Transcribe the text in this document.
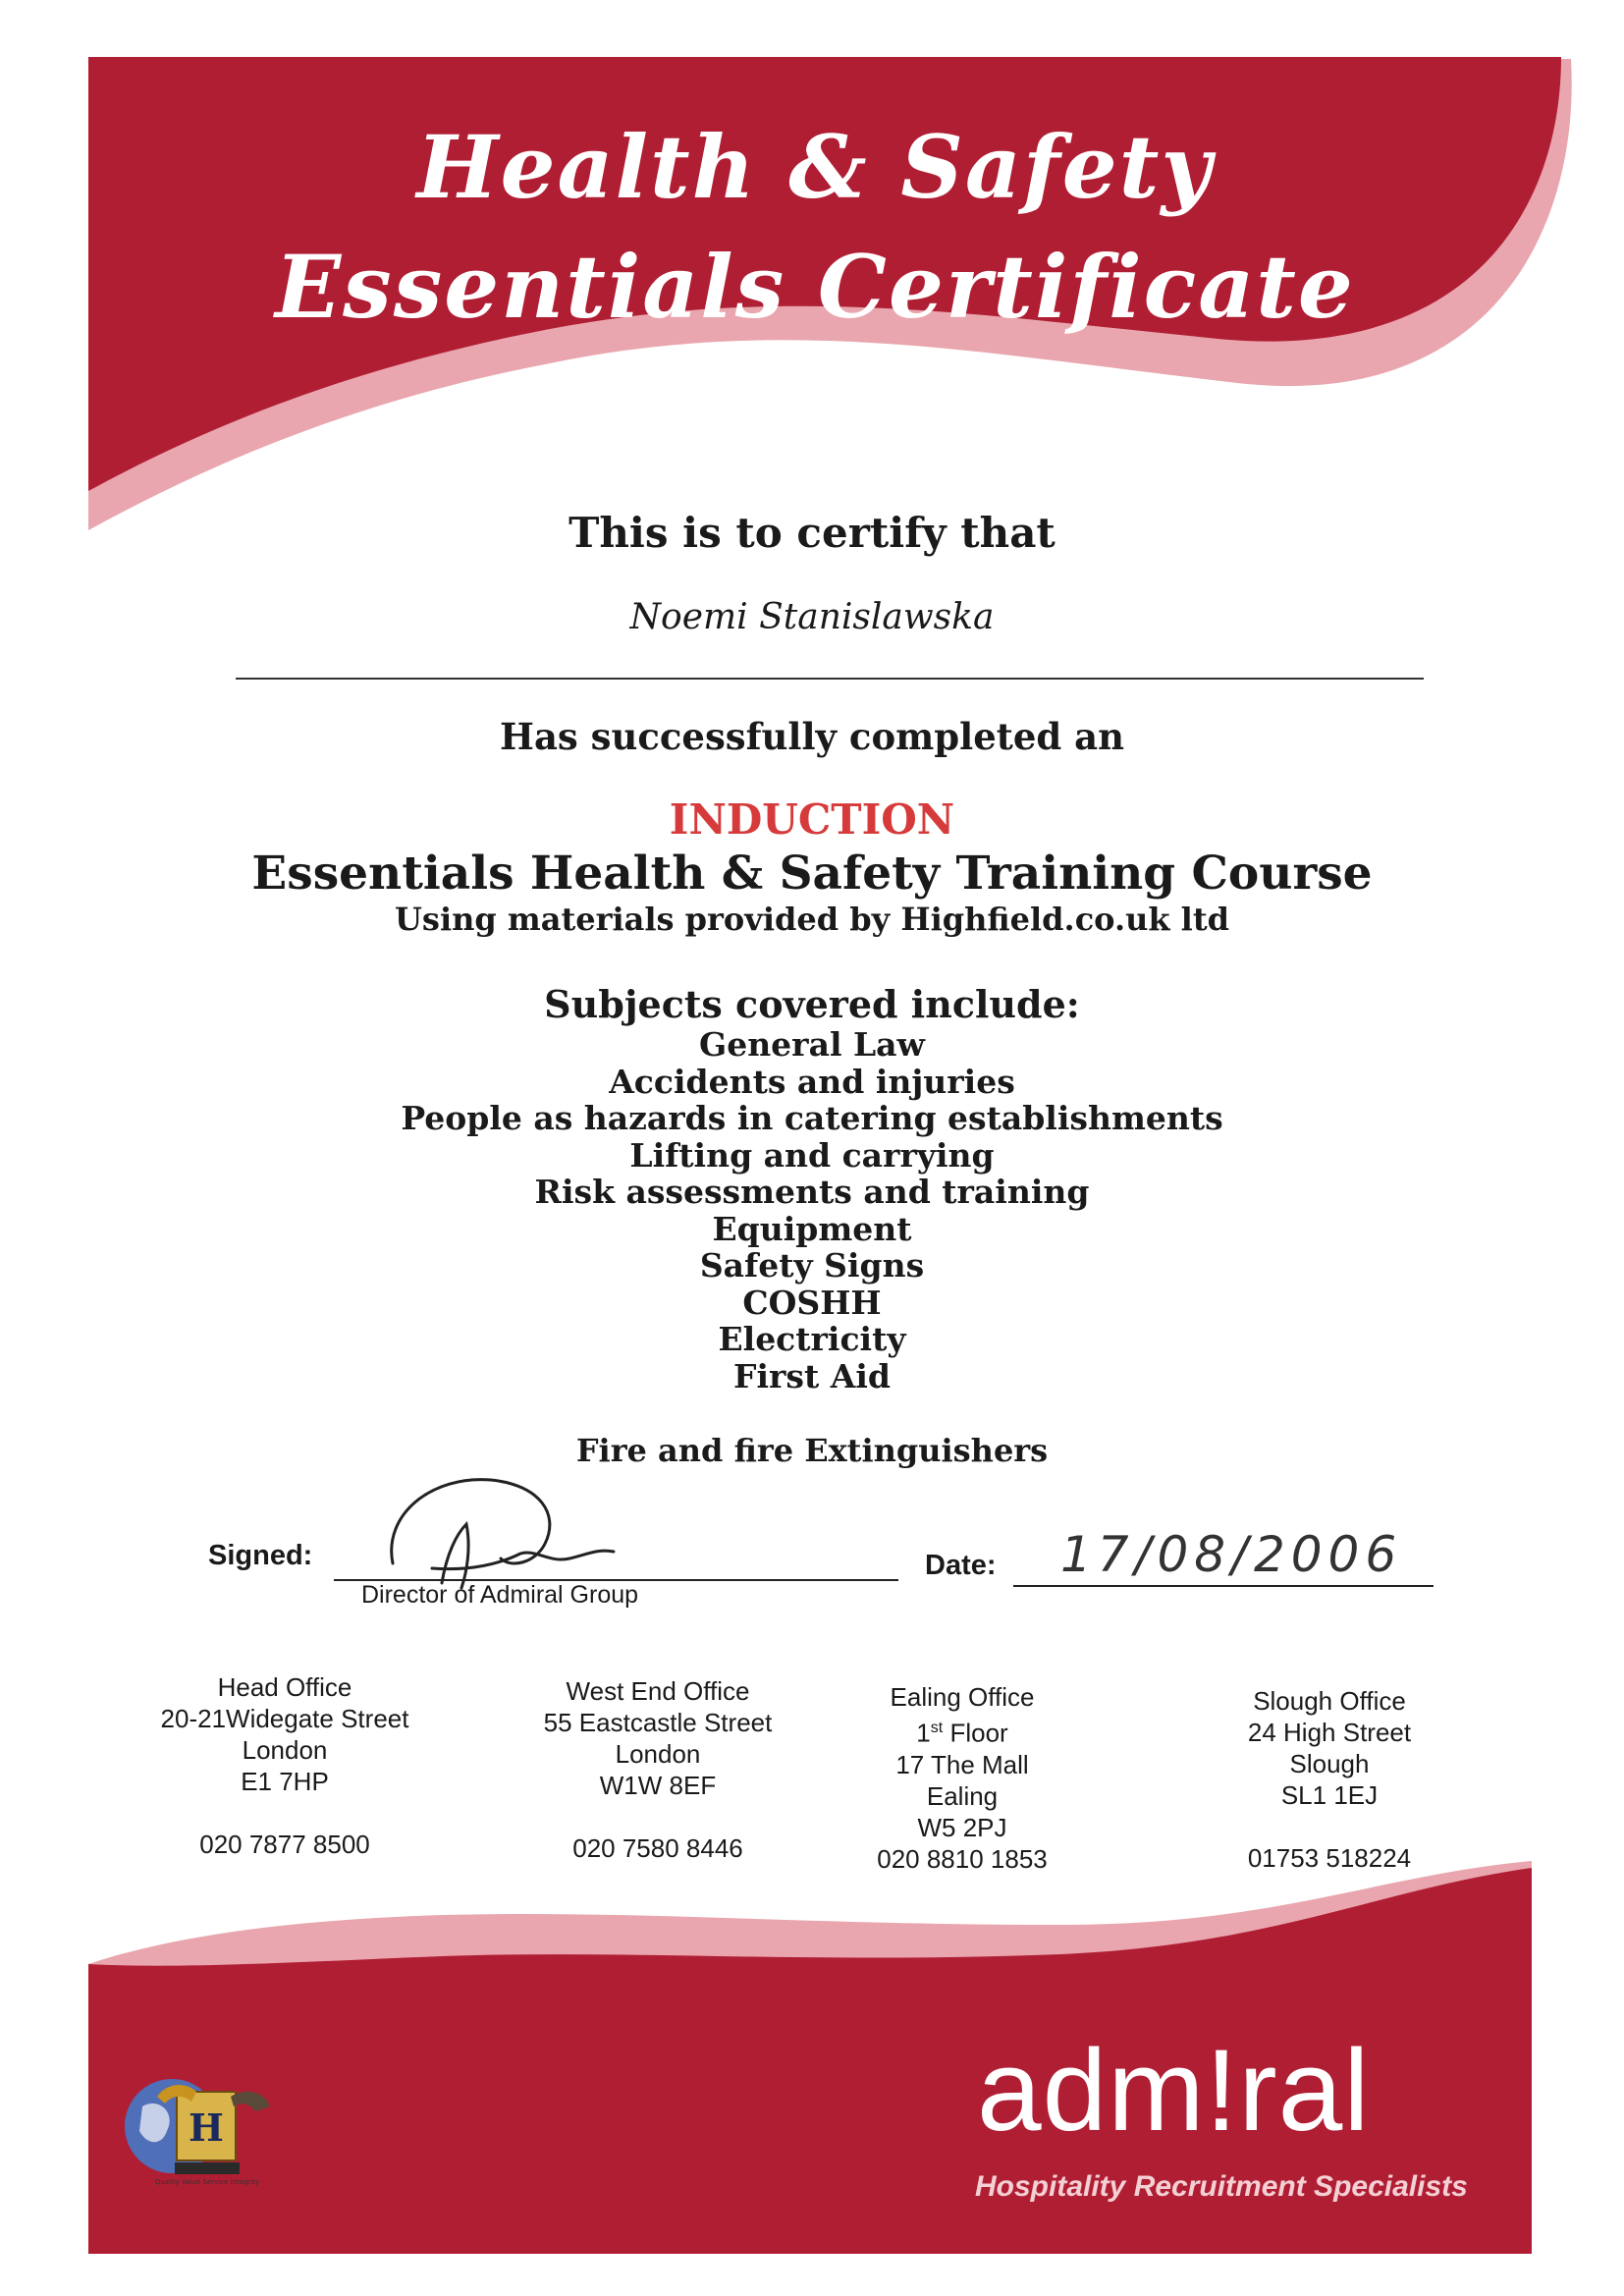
Health & Safety
Essentials Certificate
This is to certify that
Noemi Stanislawska
Has successfully completed an
INDUCTION
Essentials Health & Safety Training Course
Using materials provided by Highfield.co.uk ltd
Subjects covered include:
General Law
Accidents and injuries
People as hazards in catering establishments
Lifting and carrying
Risk assessments and training
Equipment
Safety Signs
COSHH
Electricity
First Aid
Fire and fire Extinguishers
Signed:
Director of Admiral Group
Date: 17/08/2006
Head Office
20-21Widegate Street
London
E1 7HP
020 7877 8500
West End Office
55 Eastcastle Street
London
W1W 8EF
020 7580 8446
Ealing Office
1st Floor
17 The Mall
Ealing
W5 2PJ
020 8810 1853
Slough Office
24 High Street
Slough
SL1 1EJ
01753 518224
H
Quality Value Service Integrity
adm!ral
Hospitality Recruitment Specialists
